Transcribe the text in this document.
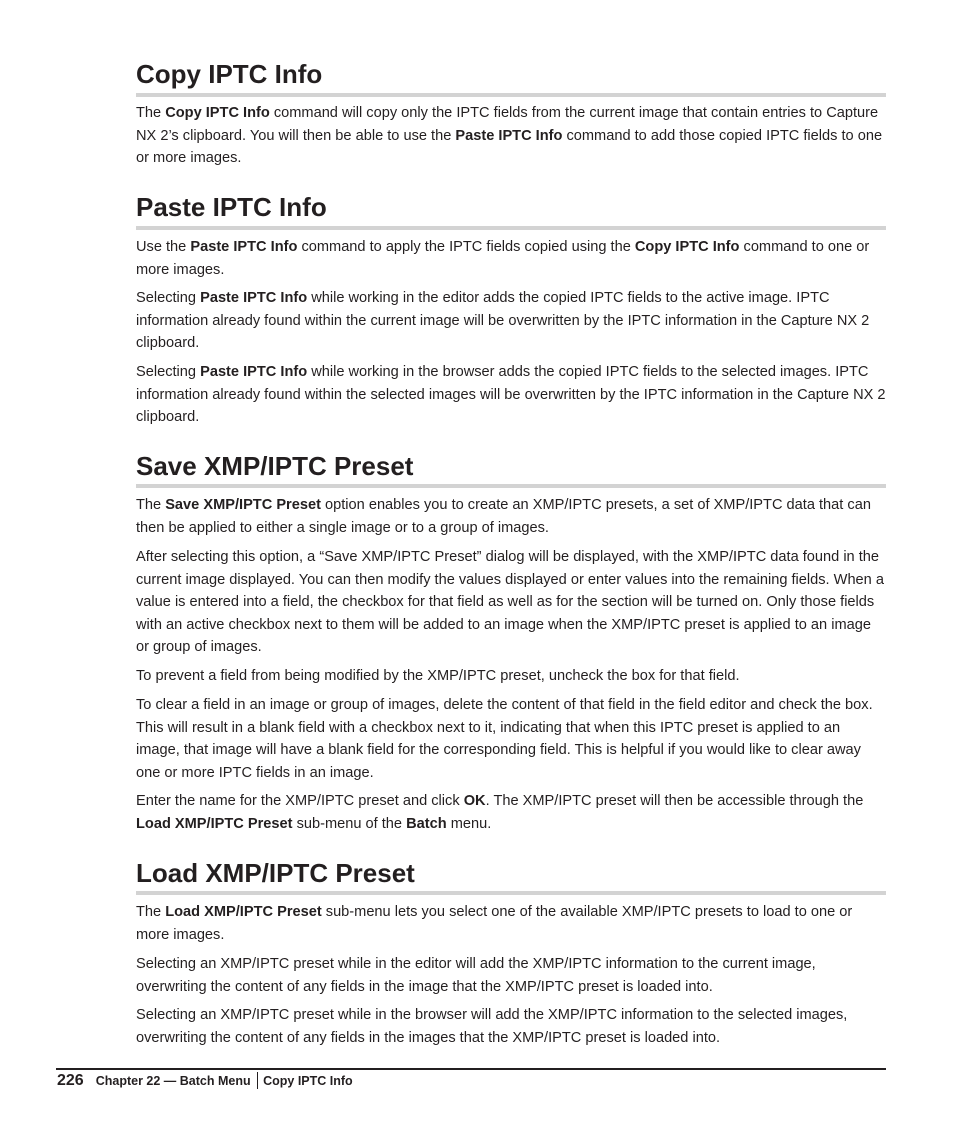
Copy IPTC Info

The Copy IPTC Info command will copy only the IPTC fields from the current image that contain entries to Capture NX 2’s clipboard. You will then be able to use the Paste IPTC Info command to add those copied IPTC fields to one or more images.

Paste IPTC Info

Use the Paste IPTC Info command to apply the IPTC fields copied using the Copy IPTC Info command to one or more images.

Selecting Paste IPTC Info while working in the editor adds the copied IPTC fields to the active image. IPTC information already found within the current image will be overwritten by the IPTC information in the Capture NX 2 clipboard.

Selecting Paste IPTC Info while working in the browser adds the copied IPTC fields to the selected images. IPTC information already found within the selected images will be overwritten by the IPTC information in the Capture NX 2 clipboard.

Save XMP/IPTC Preset

The Save XMP/IPTC Preset option enables you to create an XMP/IPTC presets, a set of XMP/IPTC data that can then be applied to either a single image or to a group of images.

After selecting this option, a “Save XMP/IPTC Preset” dialog will be displayed, with the XMP/IPTC data found in the current image displayed. You can then modify the values displayed or enter values into the remaining fields. When a value is entered into a field, the checkbox for that field as well as for the section will be turned on. Only those fields with an active checkbox next to them will be added to an image when the XMP/IPTC preset is applied to an image or group of images.

To prevent a field from being modified by the XMP/IPTC preset, uncheck the box for that field.

To clear a field in an image or group of images, delete the content of that field in the field editor and check the box. This will result in a blank field with a checkbox next to it, indicating that when this IPTC preset is applied to an image, that image will have a blank field for the corresponding field. This is helpful if you would like to clear away one or more IPTC fields in an image.

Enter the name for the XMP/IPTC preset and click OK. The XMP/IPTC preset will then be accessible through the Load XMP/IPTC Preset sub-menu of the Batch menu.

Load XMP/IPTC Preset

The Load XMP/IPTC Preset sub-menu lets you select one of the available XMP/IPTC presets to load to one or more images.

Selecting an XMP/IPTC preset while in the editor will add the XMP/IPTC information to the current image, overwriting the content of any fields in the image that the XMP/IPTC preset is loaded into.

Selecting an XMP/IPTC preset while in the browser will add the XMP/IPTC information to the selected images, overwriting the content of any fields in the images that the XMP/IPTC preset is loaded into.

226 Chapter 22 — Batch Menu Copy IPTC Info
